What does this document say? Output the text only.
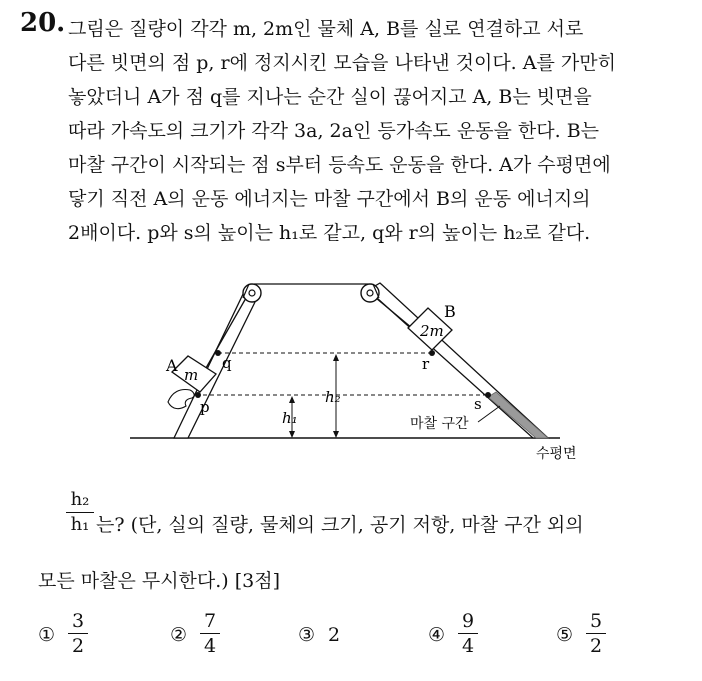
20. 그림은 질량이 각각 m, 2m인 물체 A, B를 실로 연결하고 서로
다른 빗면의 점 p, r에 정지시킨 모습을 나타낸 것이다. A를 가만히
놓았더니 A가 점 q를 지나는 순간 실이 끊어지고 A, B는 빗면을
따라 가속도의 크기가 각각 3a, 2a인 등가속도 운동을 한다. B는
마찰 구간이 시작되는 점 s부터 등속도 운동을 한다. A가 수평면에
닿기 직전 A의 운동 에너지는 마찰 구간에서 B의 운동 에너지의
2배이다. p와 s의 높이는 h₁로 같고, q와 r의 높이는 h₂로 같다.
A m
B
2m
p
q	r
s
h₁
h₂
마찰 구간
수평면
h₂
h₁ 는? (단, 실의 질량, 물체의 크기, 공기 저항, 마찰 구간 외의
모든 마찰은 무시한다.) [3점]
①
3
2	②
7
4	③ 2	④
9
4	⑤
5
2
